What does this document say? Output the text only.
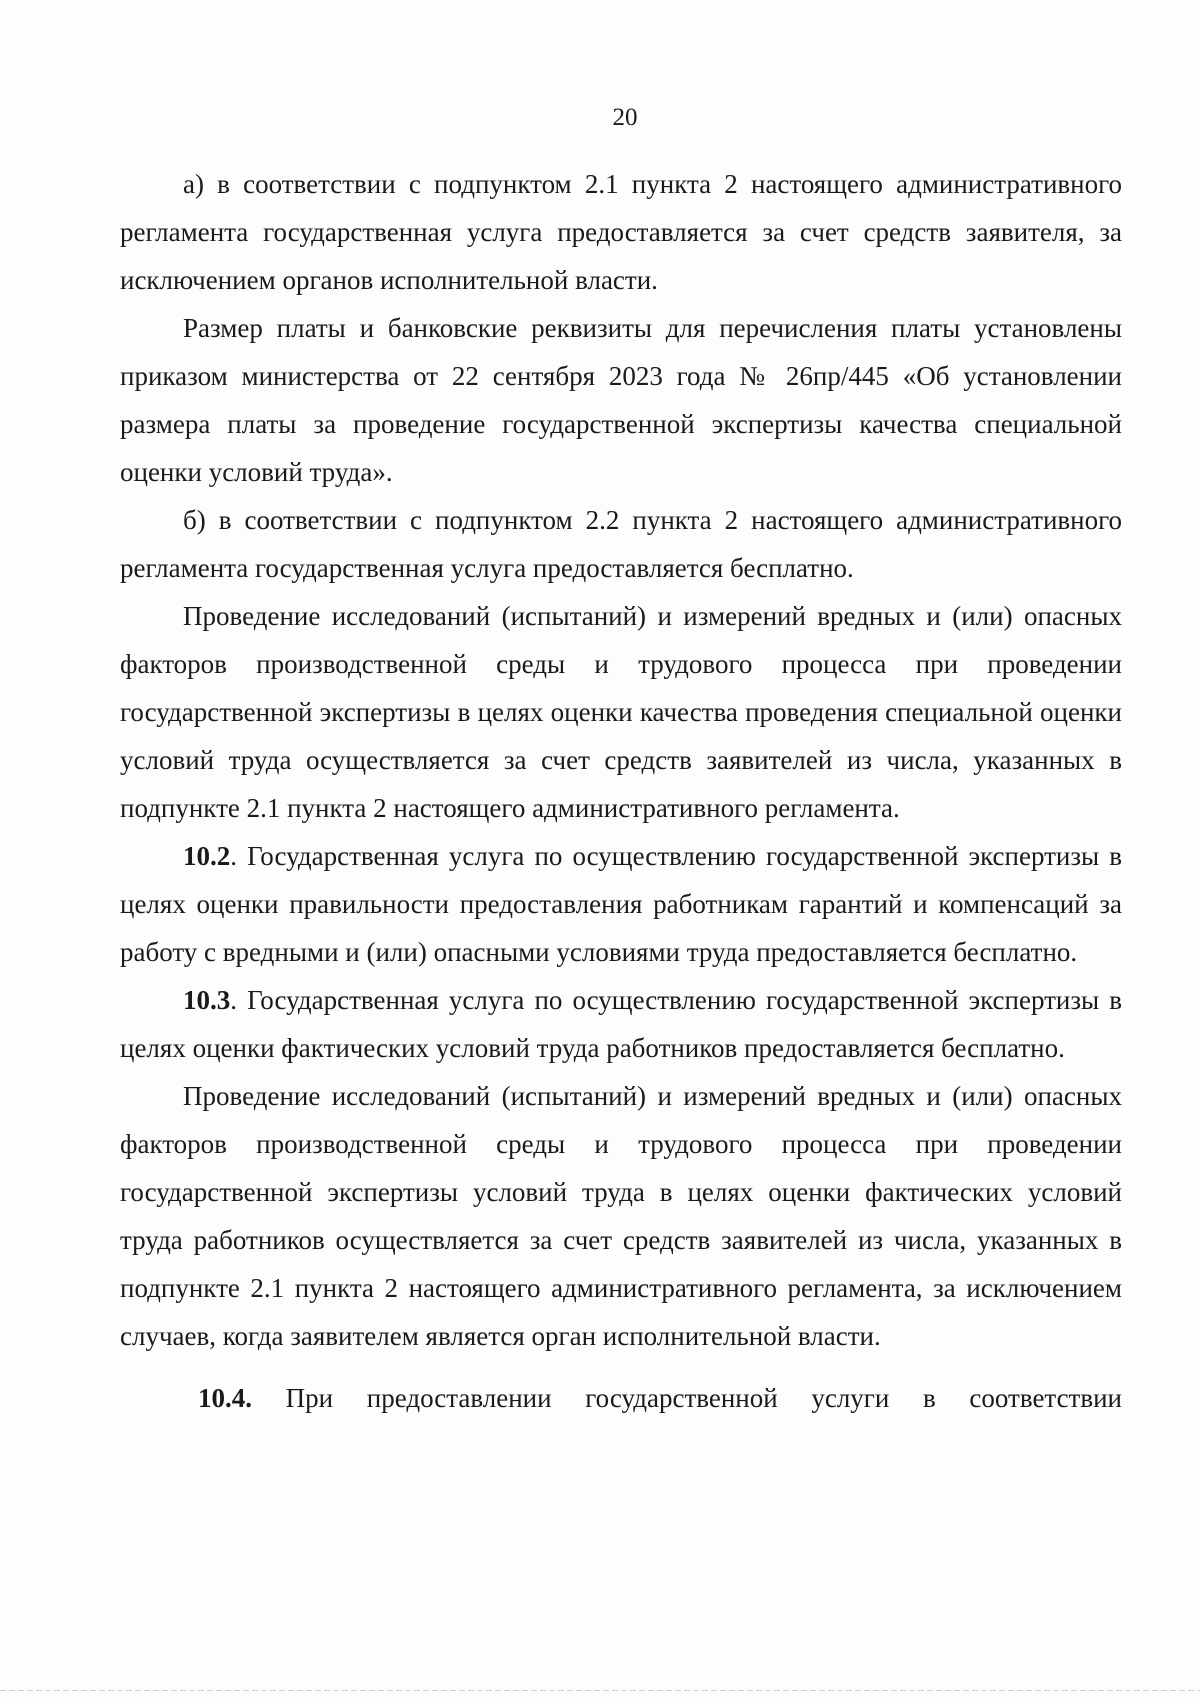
20

а) в соответствии с подпунктом 2.1 пункта 2 настоящего административного регламента государственная услуга предоставляется за счет средств заявителя, за исключением органов исполнительной власти.

Размер платы и банковские реквизиты для перечисления платы установлены приказом министерства от 22 сентября 2023 года № 26пр/445 «Об установлении размера платы за проведение государственной экспертизы качества специальной оценки условий труда».

б) в соответствии с подпунктом 2.2 пункта 2 настоящего административного регламента государственная услуга предоставляется бесплатно.

Проведение исследований (испытаний) и измерений вредных и (или) опасных факторов производственной среды и трудового процесса при проведении государственной экспертизы в целях оценки качества проведения специальной оценки условий труда осуществляется за счет средств заявителей из числа, указанных в подпункте 2.1 пункта 2 настоящего административного регламента.

10.2. Государственная услуга по осуществлению государственной экспертизы в целях оценки правильности предоставления работникам гарантий и компенсаций за работу с вредными и (или) опасными условиями труда предоставляется бесплатно.

10.3. Государственная услуга по осуществлению государственной экспертизы в целях оценки фактических условий труда работников предоставляется бесплатно.

Проведение исследований (испытаний) и измерений вредных и (или) опасных факторов производственной среды и трудового процесса при проведении государственной экспертизы условий труда в целях оценки фактических условий труда работников осуществляется за счет средств заявителей из числа, указанных в подпункте 2.1 пункта 2 настоящего административного регламента, за исключением случаев, когда заявителем является орган исполнительной власти.

10.4. При предоставлении государственной услуги в соответствии
